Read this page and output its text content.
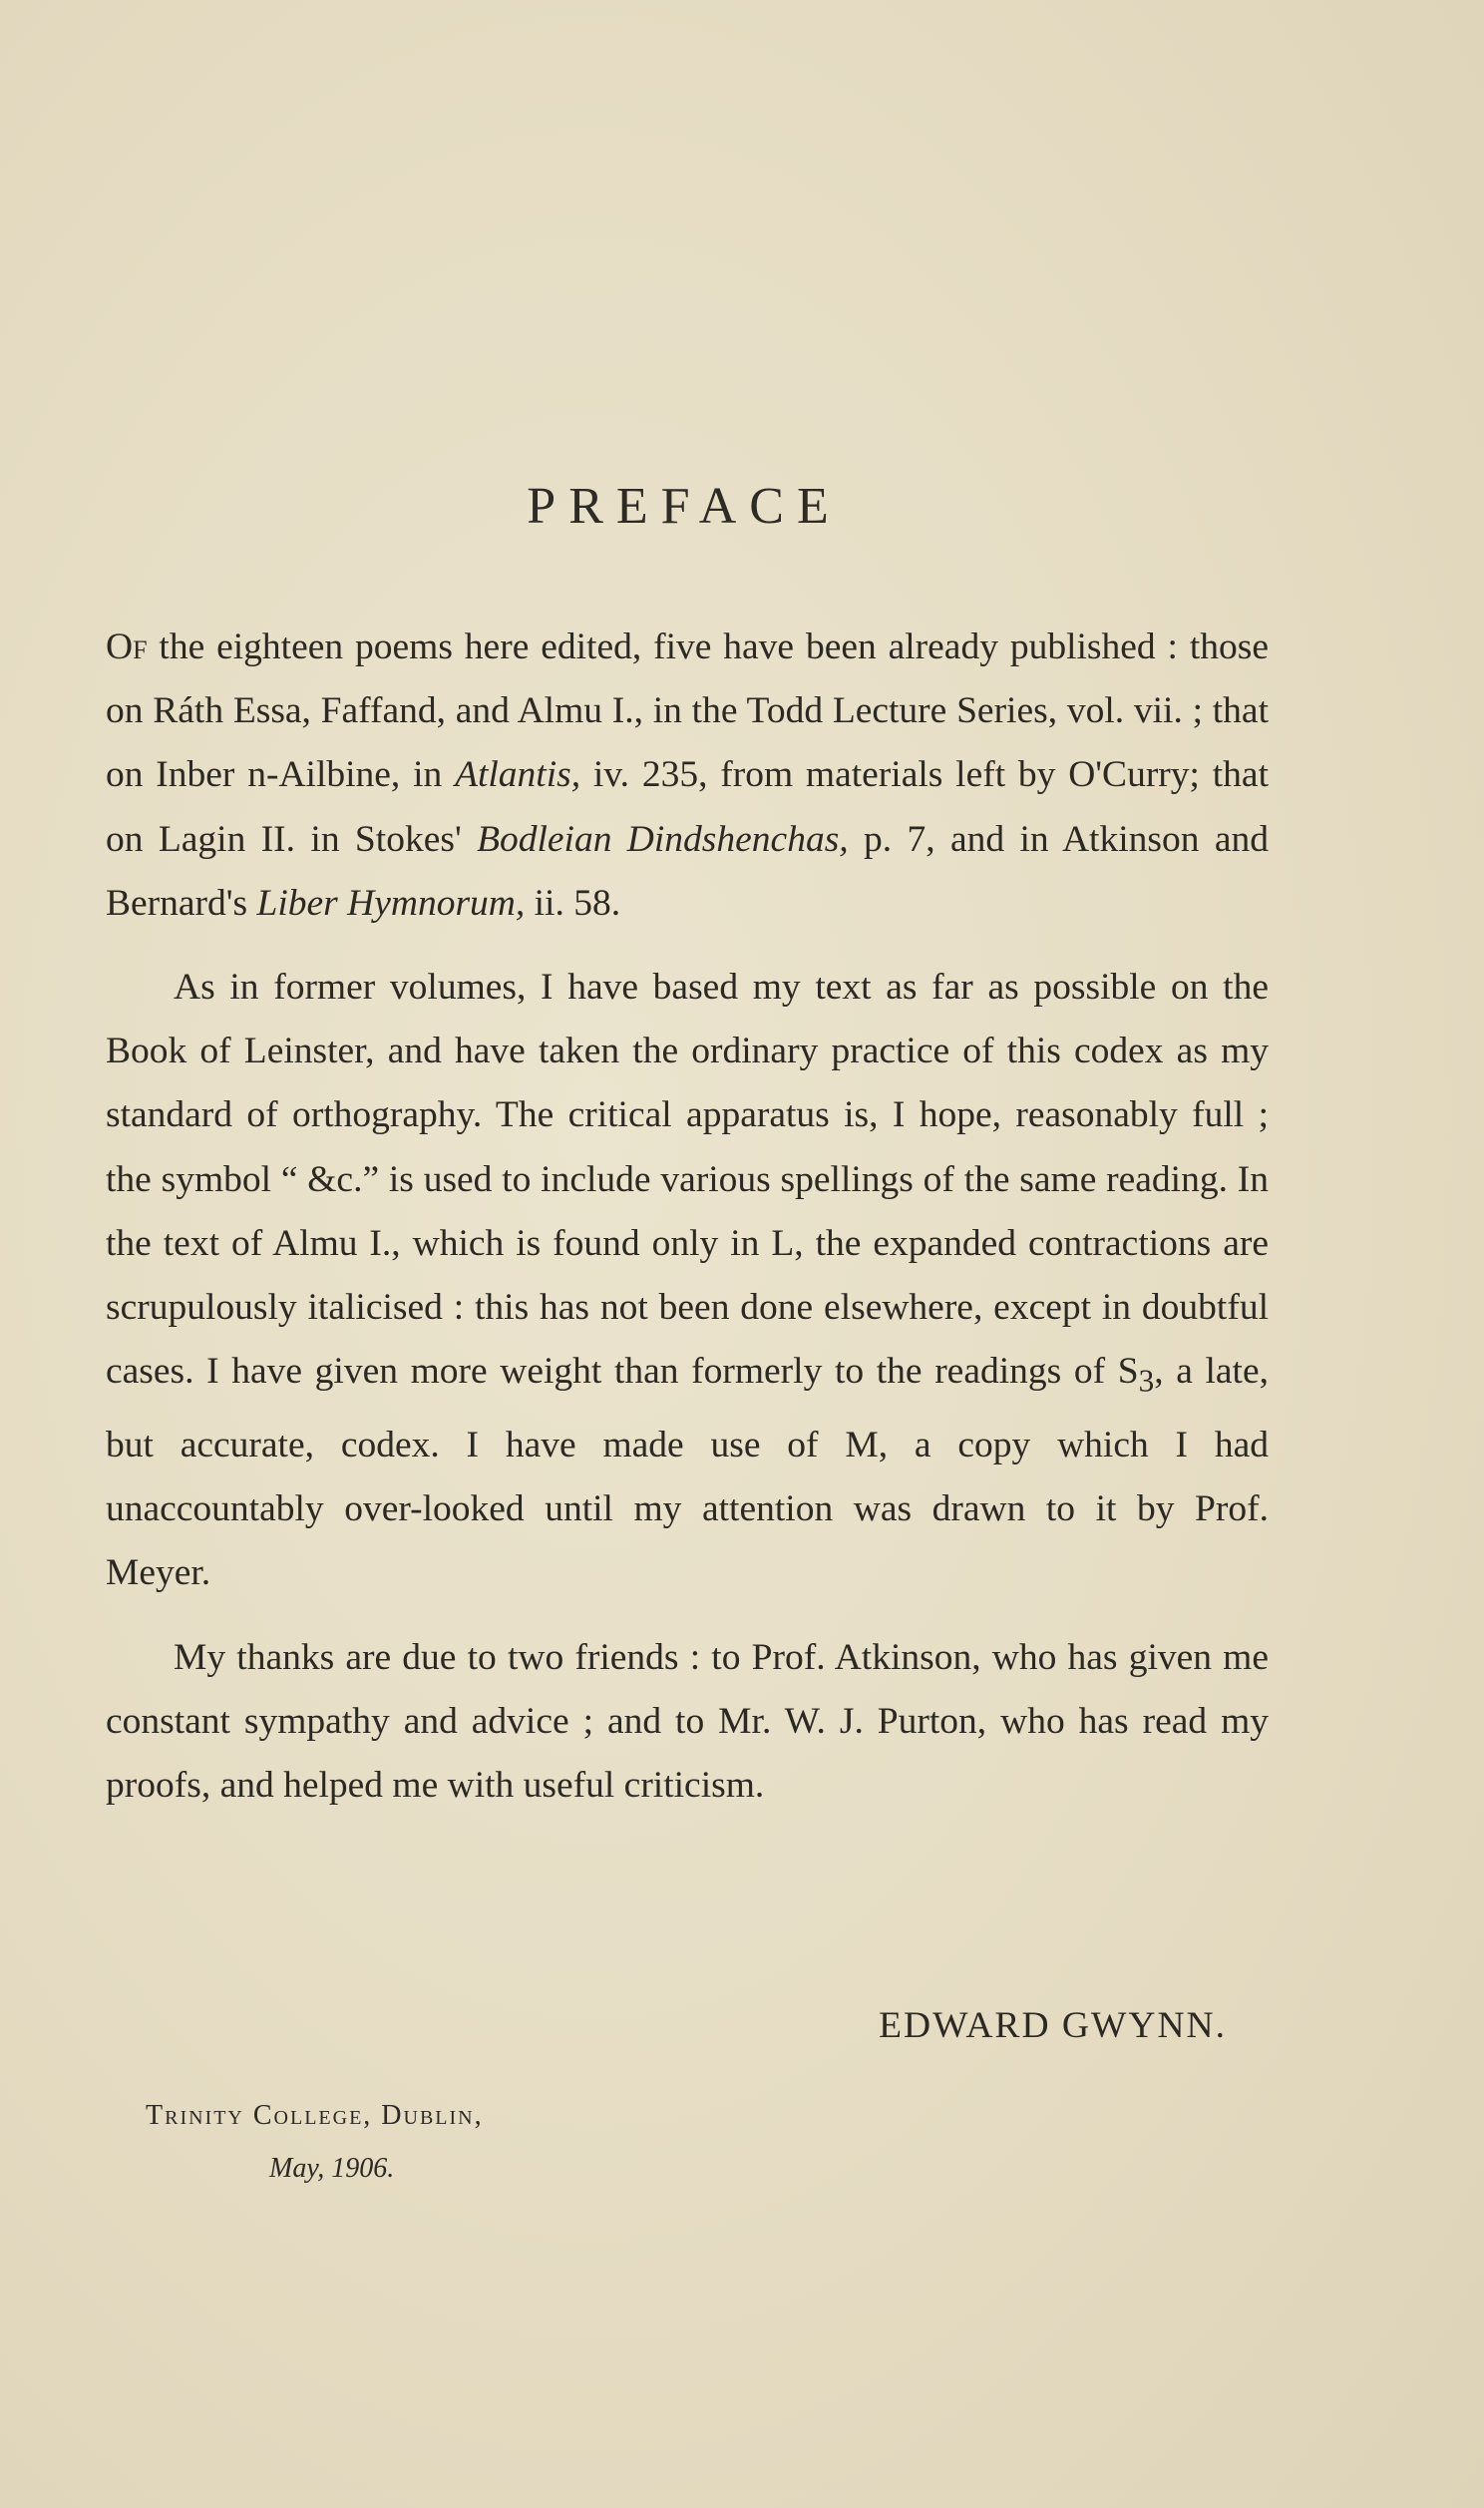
PREFACE

Of the eighteen poems here edited, five have been already published : those on Ráth Essa, Faffand, and Almu I., in the Todd Lecture Series, vol. vii. ; that on Inber n-Ailbine, in Atlantis, iv. 235, from materials left by O'Curry; that on Lagin II. in Stokes' Bodleian Dindshenchas, p. 7, and in Atkinson and Bernard's Liber Hymnorum, ii. 58.

As in former volumes, I have based my text as far as possible on the Book of Leinster, and have taken the ordinary practice of this codex as my standard of orthography. The critical apparatus is, I hope, reasonably full ; the symbol “ &c.” is used to include various spellings of the same reading. In the text of Almu I., which is found only in L, the expanded contractions are scrupulously italicised : this has not been done elsewhere, except in doubtful cases. I have given more weight than formerly to the readings of $S_3$, a late, but accurate, codex. I have made use of M, a copy which I had unaccountably over-looked until my attention was drawn to it by Prof. Meyer.

My thanks are due to two friends : to Prof. Atkinson, who has given me constant sympathy and advice ; and to Mr. W. J. Purton, who has read my proofs, and helped me with useful criticism.

EDWARD GWYNN.
Trinity College, Dublin,
May, 1906.
